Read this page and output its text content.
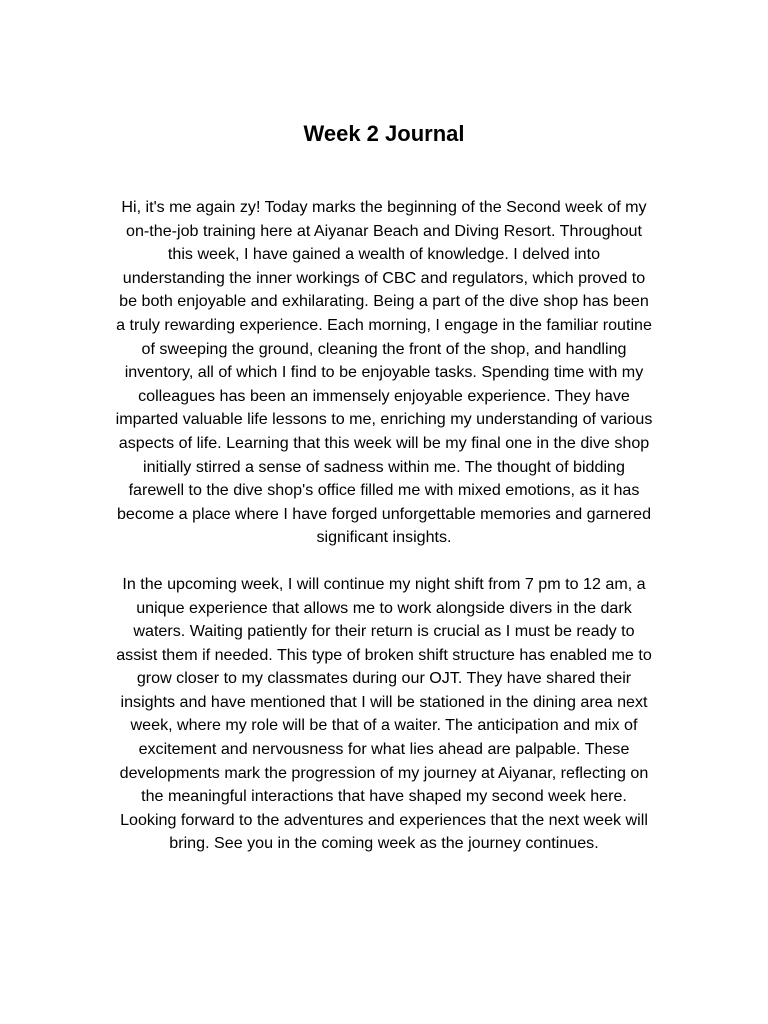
Week 2 Journal

Hi, it's me again zy! Today marks the beginning of the Second week of my
on-the-job training here at Aiyanar Beach and Diving Resort. Throughout
this week, I have gained a wealth of knowledge. I delved into
understanding the inner workings of CBC and regulators, which proved to
be both enjoyable and exhilarating. Being a part of the dive shop has been
a truly rewarding experience. Each morning, I engage in the familiar routine
of sweeping the ground, cleaning the front of the shop, and handling
inventory, all of which I find to be enjoyable tasks. Spending time with my
colleagues has been an immensely enjoyable experience. They have
imparted valuable life lessons to me, enriching my understanding of various
aspects of life. Learning that this week will be my final one in the dive shop
initially stirred a sense of sadness within me. The thought of bidding
farewell to the dive shop's office filled me with mixed emotions, as it has
become a place where I have forged unforgettable memories and garnered
significant insights.

In the upcoming week, I will continue my night shift from 7 pm to 12 am, a
unique experience that allows me to work alongside divers in the dark
waters. Waiting patiently for their return is crucial as I must be ready to
assist them if needed. This type of broken shift structure has enabled me to
grow closer to my classmates during our OJT. They have shared their
insights and have mentioned that I will be stationed in the dining area next
week, where my role will be that of a waiter. The anticipation and mix of
excitement and nervousness for what lies ahead are palpable. These
developments mark the progression of my journey at Aiyanar, reflecting on
the meaningful interactions that have shaped my second week here.
Looking forward to the adventures and experiences that the next week will
bring. See you in the coming week as the journey continues.
